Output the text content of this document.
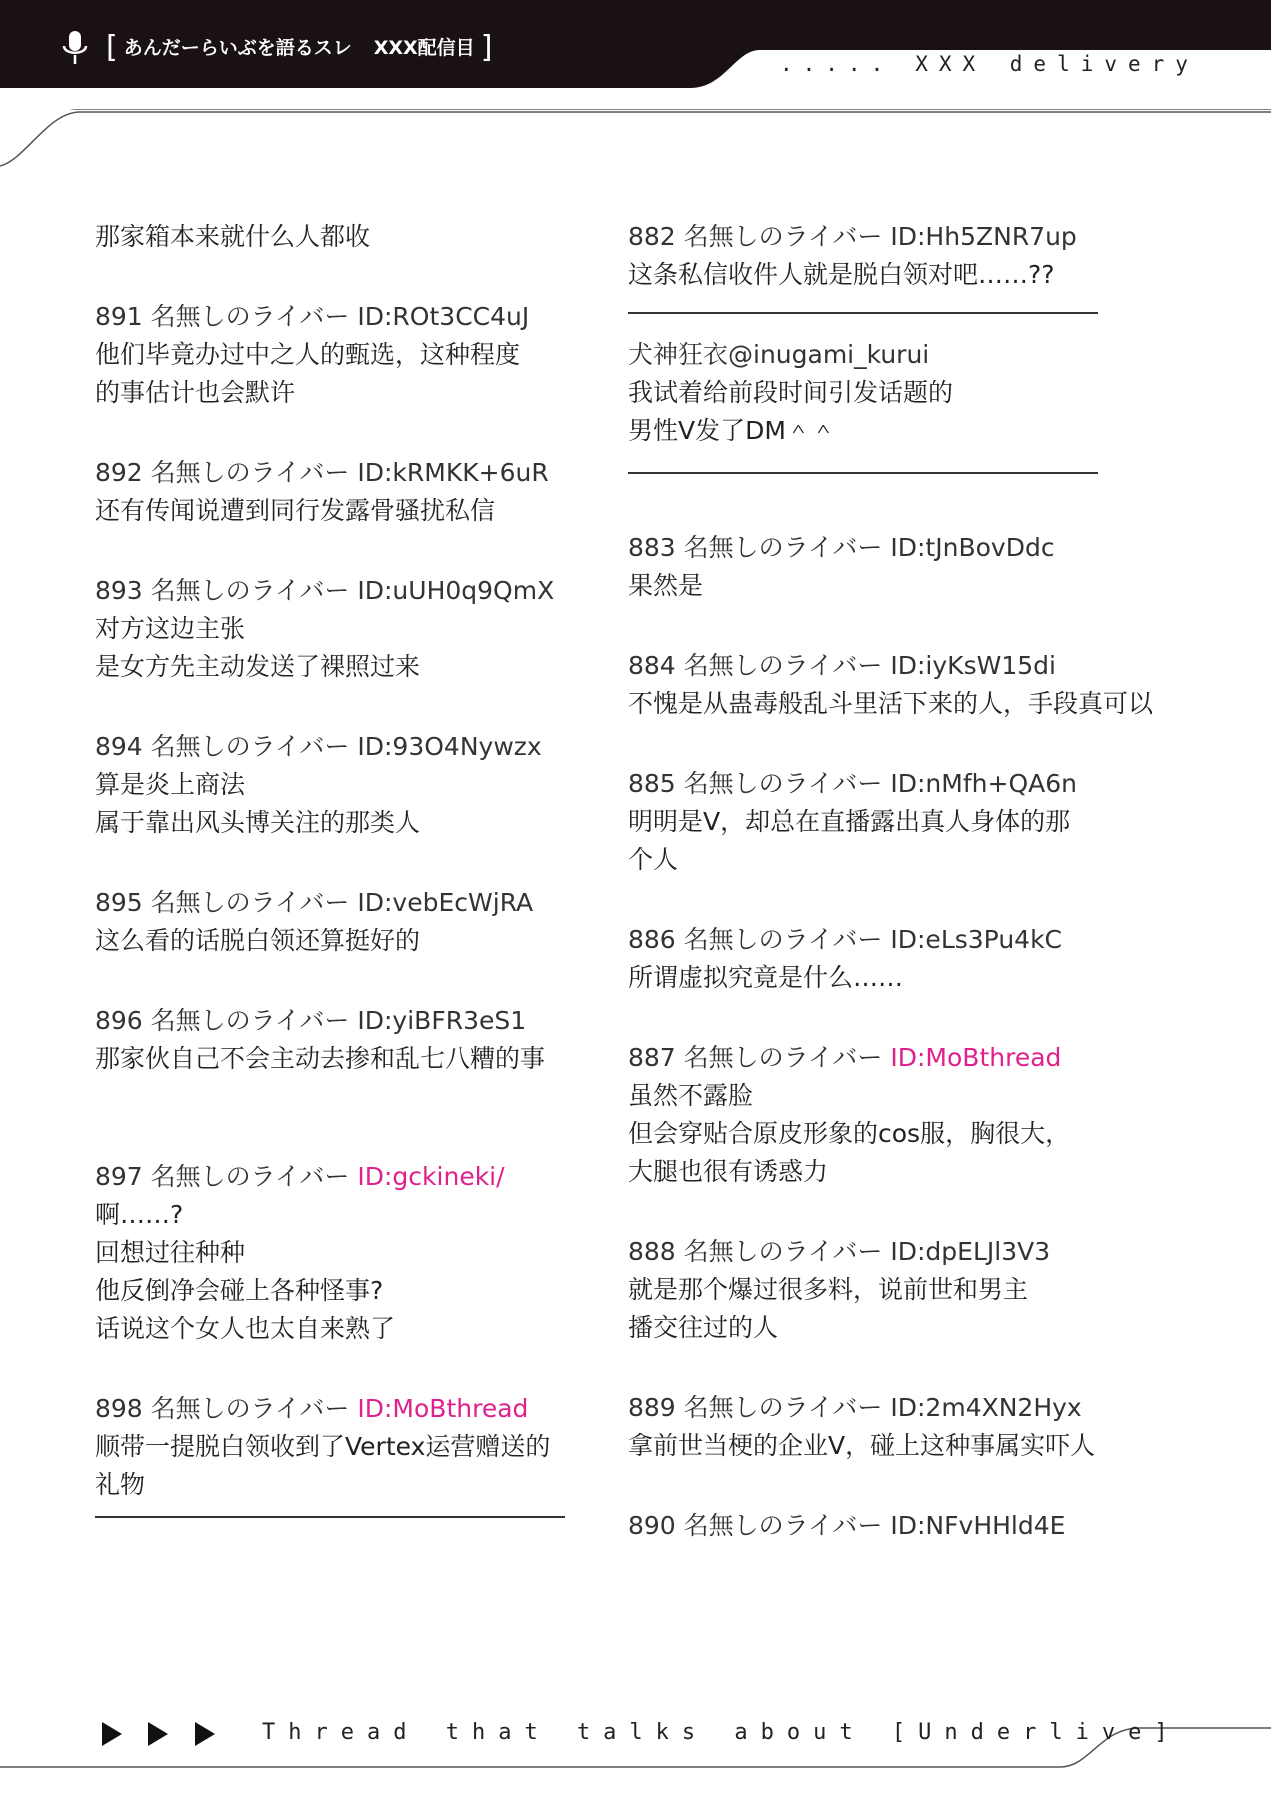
[ あんだーらいぶを語るスレ XXX配信目 ]	..... XXX delivery
那家箱本来就什么人都收
891 名無しのライバー ID:ROt3CC4uJ
他们毕竟办过中之人的甄选，这种程度
的事估计也会默许
892 名無しのライバー ID:kRMKK+6uR
还有传闻说遭到同行发露骨骚扰私信
893 名無しのライバー ID:uUH0q9QmX
对方这边主张
是女方先主动发送了裸照过来
894 名無しのライバー ID:93O4Nywzx
算是炎上商法
属于靠出风头博关注的那类人
895 名無しのライバー ID:vebEcWjRA
这么看的话脱白领还算挺好的
896 名無しのライバー ID:yiBFR3eS1
那家伙自己不会主动去掺和乱七八糟的事
897 名無しのライバー ID:gckineki/
啊……?
回想过往种种
他反倒净会碰上各种怪事?
话说这个女人也太自来熟了
898 名無しのライバー ID:MoBthread
顺带一提脱白领收到了Vertex运营赠送的
礼物
882 名無しのライバー ID:Hh5ZNR7up
这条私信收件人就是脱白领对吧……??
犬神狂衣@inugami_kurui
我试着给前段时间引发话题的
男性V发了DM＾＾
883 名無しのライバー ID:tJnBovDdc
果然是
884 名無しのライバー ID:iyKsW15di
不愧是从蛊毒般乱斗里活下来的人，手段真可以
885 名無しのライバー ID:nMfh+QA6n
明明是V，却总在直播露出真人身体的那
个人
886 名無しのライバー ID:eLs3Pu4kC
所谓虚拟究竟是什么……
887 名無しのライバー ID:MoBthread
虽然不露脸
但会穿贴合原皮形象的cos服，胸很大，
大腿也很有诱惑力
888 名無しのライバー ID:dpELJl3V3
就是那个爆过很多料，说前世和男主
播交往过的人
889 名無しのライバー ID:2m4XN2Hyx
拿前世当梗的企业V，碰上这种事属实吓人
890 名無しのライバー ID:NFvHHld4E
Thread that talks about [Underlive]
